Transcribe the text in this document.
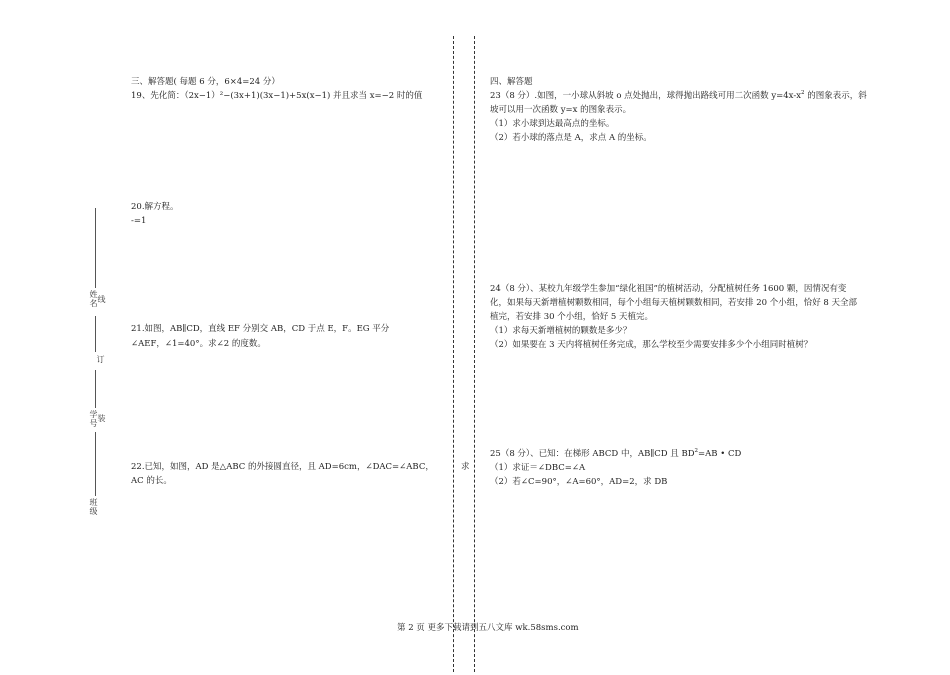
姓名 线
订
学号 装
班级
三、解答题( 每题 6 分，6×4=24 分）
19、先化简：（2x−1）²−(3x+1)(3x−1)+5x(x−1) 并且求当 x=−2 时的值
20.解方程。
-=1
21.如图，AB∥CD，直线 EF 分别交 AB，CD 于点 E，F。EG 平分
∠AEF，∠1=40°。求∠2 的度数。
22.已知，如图，AD 是△ABC 的外接圆直径，且 AD=6cm，∠DAC=∠ABC，
AC 的长。
求
四、解答题
23（8 分）.如图，一小球从斜坡 o 点处抛出，球得抛出路线可用二次函数 $y=4x-x^2$ 的图象表示，斜
坡可以用一次函数 y=x 的图象表示。
（1）求小球到达最高点的坐标。
（2）若小球的落点是 A，求点 A 的坐标。
24（8 分）、某校九年级学生参加“绿化祖国”的植树活动，分配植树任务 1600 颗，因情况有变
化，如果每天新增植树颗数相同，每个小组每天植树颗数相同，若安排 20 个小组，恰好 8 天全部
植完，若安排 30 个小组，恰好 5 天植完。
（1）求每天新增植树的颗数是多少？
（2）如果要在 3 天内将植树任务完成，那么学校至少需要安排多少个小组同时植树？
25（8 分）、已知：在梯形 ABCD 中，AB∥CD 且 $BD^2=AB$ • CD
（1）求证＝∠DBC=∠A
（2）若∠C=90°，∠A=60°，AD=2，求 DB
第 2 页 更多下载请到五八文库 wk.58sms.com
